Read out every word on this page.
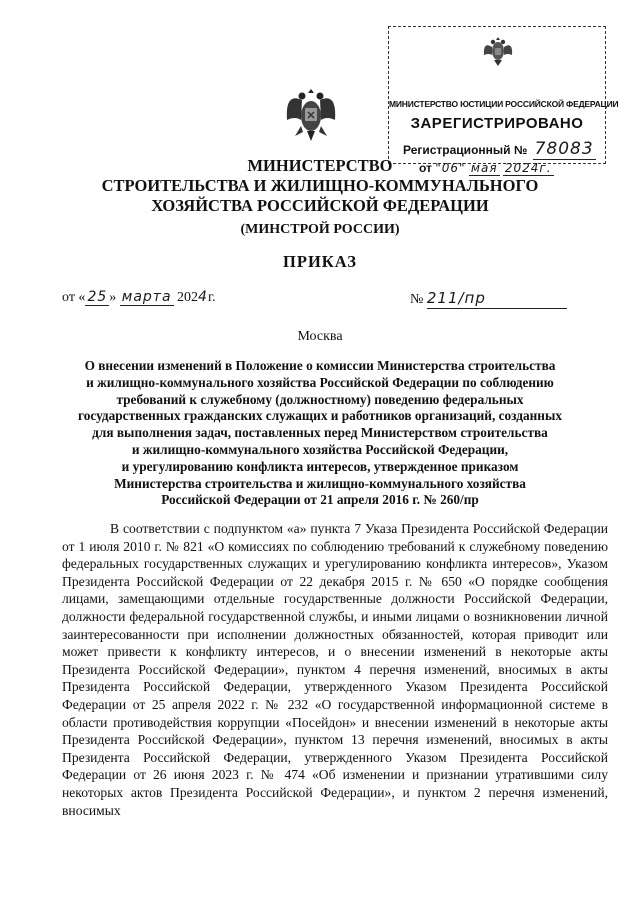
МИНИСТЕРСТВО ЮСТИЦИИ РОССИЙСКОЙ ФЕДЕРАЦИИ
ЗАРЕГИСТРИРОВАНО
Регистрационный № 78083
от "06" мая 2024г.
МИНИСТЕРСТВО
СТРОИТЕЛЬСТВА И ЖИЛИЩНО-КОММУНАЛЬНОГО
ХОЗЯЙСТВА РОССИЙСКОЙ ФЕДЕРАЦИИ
(МИНСТРОЙ РОССИИ)
ПРИКАЗ
от « 25 » марта 2024г.	№ 211/пр
Москва
О внесении изменений в Положение о комиссии Министерства строительства
и жилищно-коммунального хозяйства Российской Федерации по соблюдению
требований к служебному (должностному) поведению федеральных
государственных гражданских служащих и работников организаций, созданных
для выполнения задач, поставленных перед Министерством строительства
и жилищно-коммунального хозяйства Российской Федерации,
и урегулированию конфликта интересов, утвержденное приказом
Министерства строительства и жилищно-коммунального хозяйства
Российской Федерации от 21 апреля 2016 г. № 260/пр
В соответствии с подпунктом «а» пункта 7 Указа Президента Российской Федерации от 1 июля 2010 г. № 821 «О комиссиях по соблюдению требований к служебному поведению федеральных государственных служащих и урегулированию конфликта интересов», Указом Президента Российской Федерации от 22 декабря 2015 г. № 650 «О порядке сообщения лицами, замещающими отдельные государственные должности Российской Федерации, должности федеральной государственной службы, и иными лицами о возникновении личной заинтересованности при исполнении должностных обязанностей, которая приводит или может привести к конфликту интересов, и о внесении изменений в некоторые акты Президента Российской Федерации», пунктом 4 перечня изменений, вносимых в акты Президента Российской Федерации, утвержденного Указом Президента Российской Федерации от 25 апреля 2022 г. № 232 «О государственной информационной системе в области противодействия коррупции «Посейдон» и внесении изменений в некоторые акты Президента Российской Федерации», пунктом 13 перечня изменений, вносимых в акты Президента Российской Федерации, утвержденного Указом Президента Российской Федерации от 26 июня 2023 г. № 474 «Об изменении и признании утратившими силу некоторых актов Президента Российской Федерации», и пунктом 2 перечня изменений, вносимых
